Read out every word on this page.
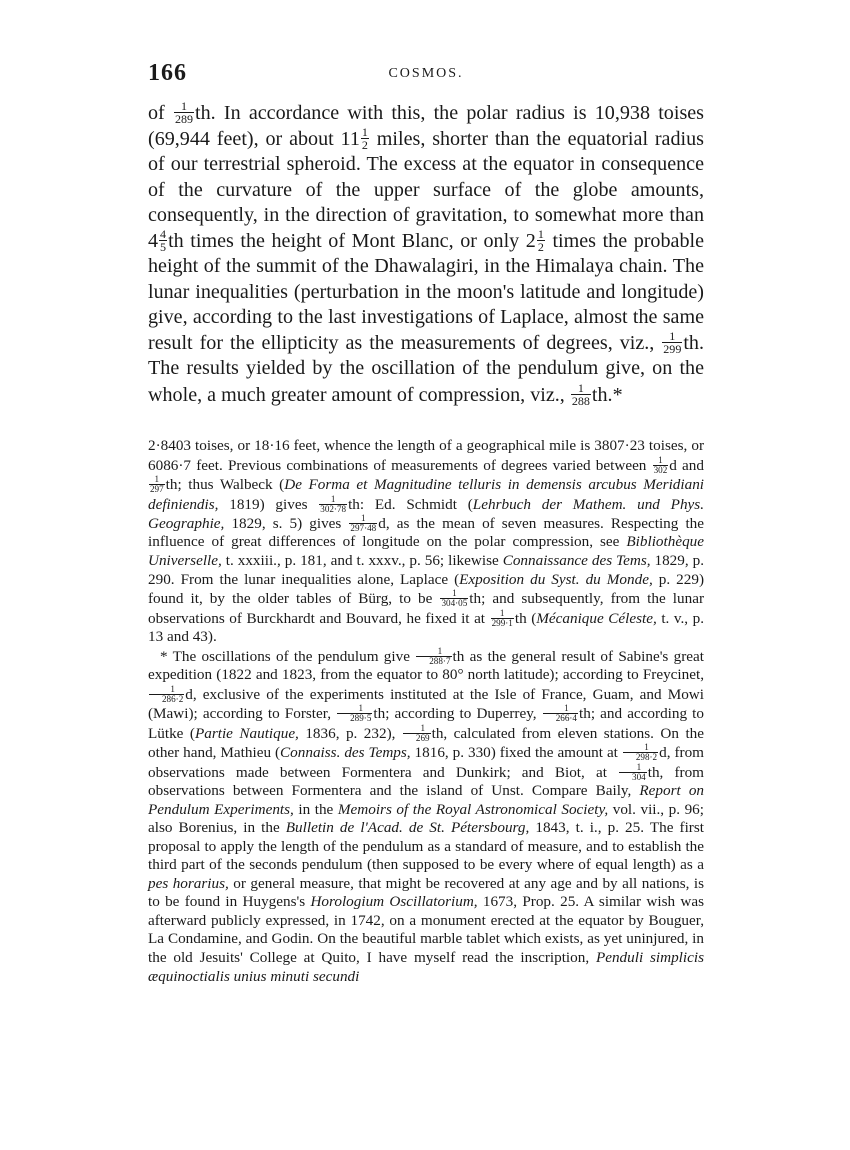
166	COSMOS.

of $\frac{1}{289}$ th. In accordance with this, the polar radius is 10,938 toises (69,944 feet), or about $11 \frac{1}{2}$ miles, shorter than the equatorial radius of our terrestrial spheroid. The excess at the equator in consequence of the curvature of the upper surface of the globe amounts, consequently, in the direction of gravitation, to somewhat more than $4 \frac{4}{5}$ th times the height of Mont Blanc, or only $2 \frac{1}{2}$ times the probable height of the summit of the Dhawalagiri, in the Himalaya chain. The lunar inequalities (perturbation in the moon's latitude and longitude) give, according to the last investigations of Laplace, almost the same result for the ellipticity as the measurements of degrees, viz., $\frac{1}{299}$ th. The results yielded by the oscillation of the pendulum give, on the whole, a much greater amount of compression, viz., $\frac{1}{288} th.*$

2·8403 toises, or 18·16 feet, whence the length of a geographical mile is 3807·23 toises, or 6086·7 feet. Previous combinations of measurements of degrees varied between $\frac{1}{302}$ d and
$\frac{1}{297}$ th; thus Walbeck (De Forma et Magnitudine telluris in demensis arcubus Meridiani definiendis, 1819) gives $\frac{1}{302\cdot 78}$ th: Ed. Schmidt (Lehrbuch der Mathem. und Phys. Geographie, 1829, s. 5) gives $\frac{1}{297\cdot 48} d$, as the mean of seven measures. Respecting the influence of great differences of longitude on the polar compression, see Bibliothèque Universelle, t. xxxiii., p. 181, and t. xxxv., p. 56; likewise Connaissance des Tems, 1829, p. 290. From the lunar inequalities alone, Laplace (Exposition du Syst. du Monde, p. 229) found it, by the older tables of Bürg, to be $\frac{1}{304\cdot 05}$ th; and subsequently, from the lunar observations of Burckhardt and Bouvard, he fixed it at $\frac{1}{299\cdot 1}$ th (Mécanique Céleste, t. v., p. 13 and 43).

* The oscillations of the pendulum give $\frac{1}{288\cdot 7}$ th as the general result of Sabine's great expedition (1822 and 1823, from the equator to 80° north latitude); according to Freycinet,
$\frac{1}{286\cdot 2} d$, exclusive of the experiments instituted at the Isle of France, Guam, and Mowi (Mawi); according to Forster, $\frac{1}{289\cdot 5}$ th; according to Duperrey, $\frac{1}{266\cdot 4}$ th; and according to Lütke (Partie Nautique, 1836, p. 232), $\frac{1}{269}$ th, calculated from eleven stations. On the other hand, Mathieu (Connaiss. des Temps, 1816, p. 330) fixed the amount at $\frac{1}{298\cdot 2} d$, from observations made between Formentera and Dunkirk; and Biot, at $\frac{1}{304}$ th, from observations between Formentera and the island of Unst. Compare Baily, Report on Pendulum Experiments, in the Memoirs of the Royal Astronomical Society, vol. vii., p. 96; also Borenius, in the Bulletin de l'Acad. de St. Pétersbourg, 1843, t. i., p. 25. The first proposal to apply the length of the pendulum as a standard of measure, and to establish the third part of the seconds pendulum (then supposed to be every where of equal length) as a pes horarius, or general measure, that might be recovered at any age and by all nations, is to be found in Huygens's Horologium Oscillatorium, 1673, Prop. 25. A similar wish was afterward publicly expressed, in 1742, on a monument erected at the equator by Bouguer, La Condamine, and Godin. On the beautiful marble tablet which exists, as yet uninjured, in the old Jesuits' College at Quito, I have myself read the inscription, Penduli simplicis æquinoctialis unius minuti secundi
